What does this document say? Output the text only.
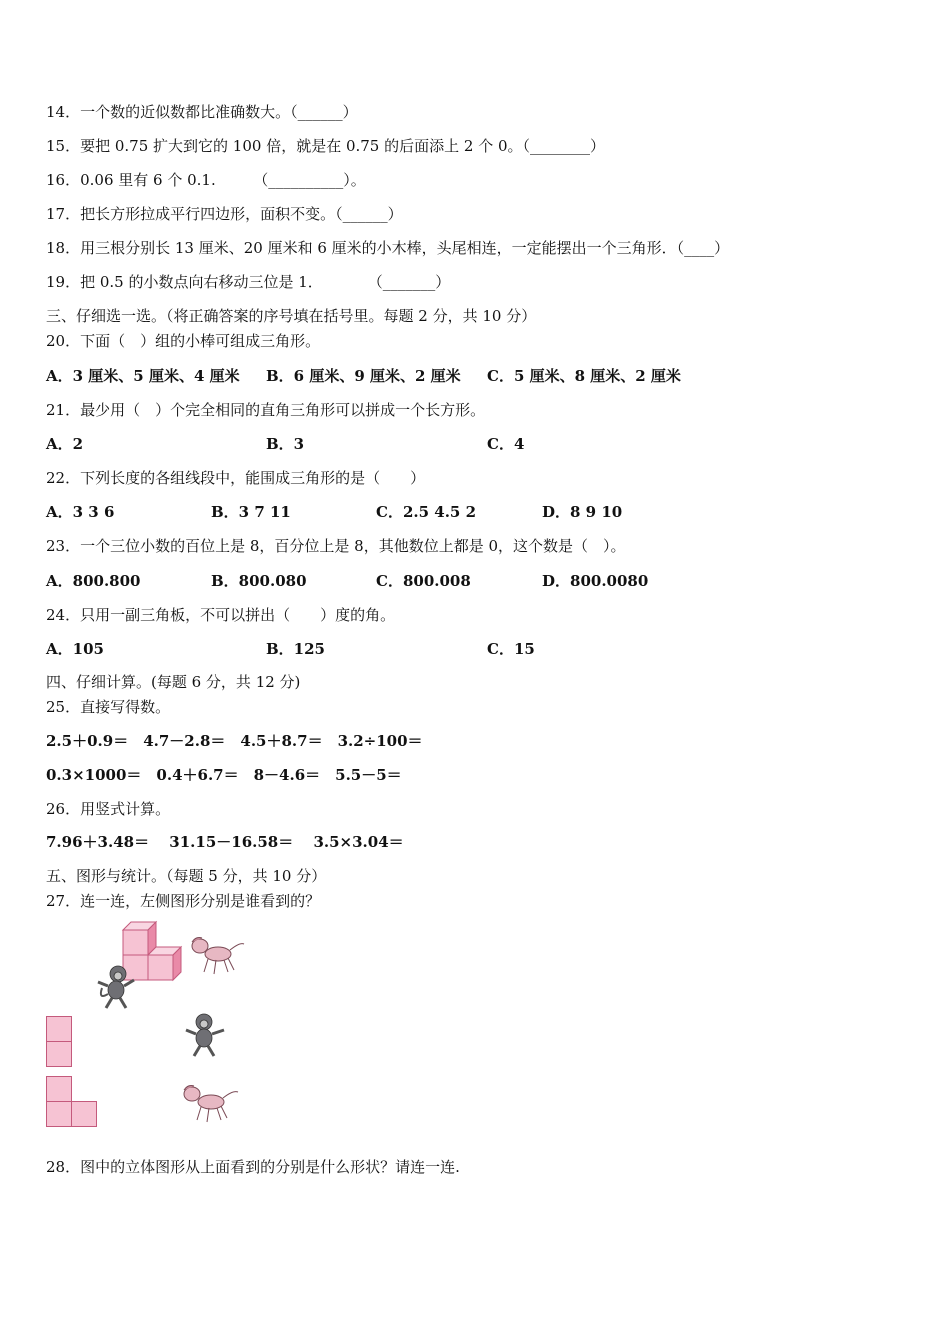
14．一个数的近似数都比准确数大。（______）
15．要把 0.75 扩大到它的 100 倍，就是在 0.75 的后面添上 2 个 0。（________）
16．0.06 里有 6 个 0.1.　　　（__________）。
17．把长方形拉成平行四边形，面积不变。（______）
18．用三根分别长 13 厘米、20 厘米和 6 厘米的小木棒，头尾相连，一定能摆出一个三角形．（____）
19．把 0.5 的小数点向右移动三位是 1．　　　　（_______）
三、仔细选一选。（将正确答案的序号填在括号里。每题 2 分，共 10 分）
20．下面（　）组的小棒可组成三角形。
A．3 厘米、5 厘米、4 厘米 B．6 厘米、9 厘米、2 厘米 C．5 厘米、8 厘米、2 厘米
21．最少用（　）个完全相同的直角三角形可以拼成一个长方形。
A．2	B．3	C．4
22．下列长度的各组线段中，能围成三角形的是（　　）
A．3 3 6	B．3 7 11	C．2.5 4.5 2	D．8 9 10
23．一个三位小数的百位上是 8，百分位上是 8，其他数位上都是 0，这个数是（　）。
A．800.800	B．800.080	C．800.008	D．800.0080
24．只用一副三角板，不可以拼出（　　）度的角。
A．105	B．125	C．15
四、仔细计算。(每题 6 分，共 12 分)
25．直接写得数。
2.5＋0.9＝　4.7－2.8＝　4.5＋8.7＝　3.2÷100＝
0.3×1000＝　0.4＋6.7＝　8－4.6＝　5.5－5＝
26．用竖式计算。
7.96＋3.48＝　 31.15－16.58＝　 3.5×3.04＝
五、图形与统计。（每题 5 分，共 10 分）
27．连一连，左侧图形分别是谁看到的？
28．图中的立体图形从上面看到的分别是什么形状？请连一连.
